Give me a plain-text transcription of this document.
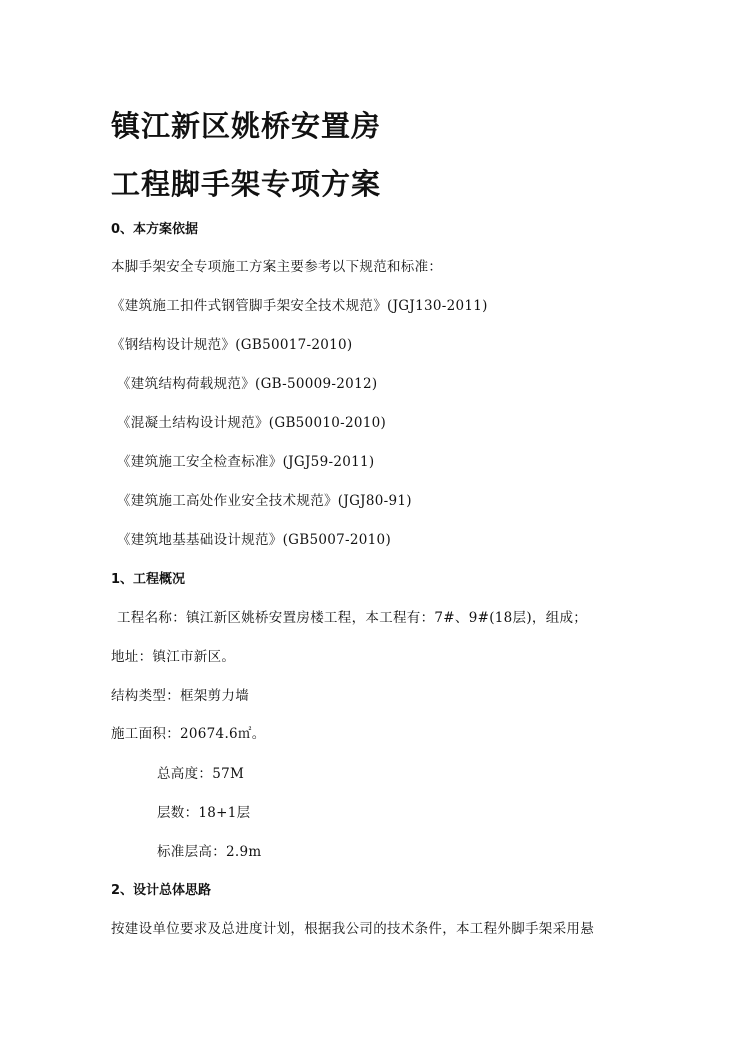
镇江新区姚桥安置房
工程脚手架专项方案
0、本方案依据
本脚手架安全专项施工方案主要参考以下规范和标准：
《建筑施工扣件式钢管脚手架安全技术规范》(JGJ130-2011)
《钢结构设计规范》(GB50017-2010)
《建筑结构荷载规范》(GB-50009-2012)
《混凝土结构设计规范》(GB50010-2010)
《建筑施工安全检查标准》(JGJ59-2011)
《建筑施工高处作业安全技术规范》(JGJ80-91)
《建筑地基基础设计规范》(GB5007-2010)
1、工程概况
工程名称：镇江新区姚桥安置房楼工程，本工程有：7#、9#(18层)，组成；
地址：镇江市新区。
结构类型：框架剪力墙
施工面积：20674.6㎡。
总高度：57M
层数：18+1层
标准层高：2.9m
2、设计总体思路
按建设单位要求及总进度计划，根据我公司的技术条件，本工程外脚手架采用悬
